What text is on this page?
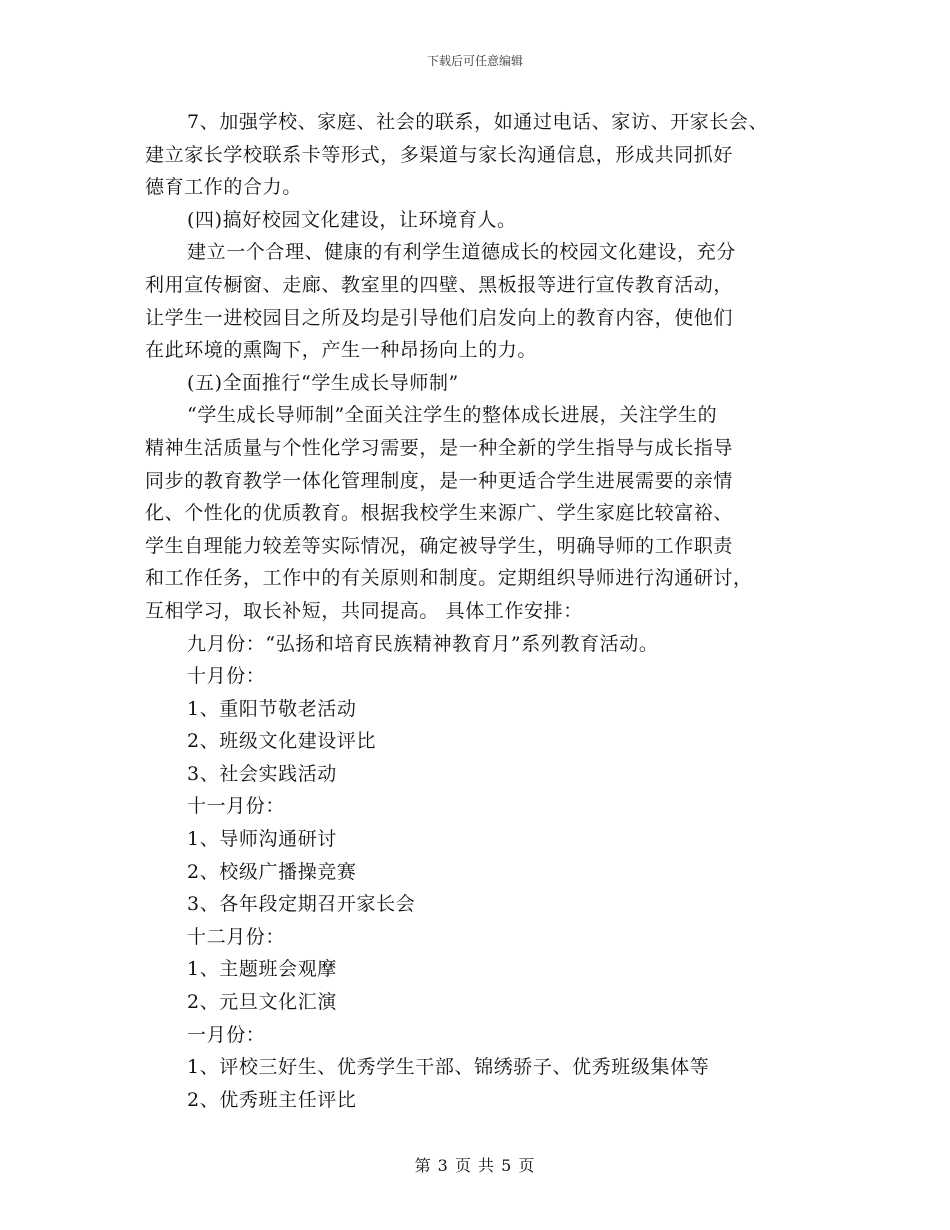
下载后可任意编辑
7、加强学校、家庭、社会的联系，如通过电话、家访、开家长会、
建立家长学校联系卡等形式，多渠道与家长沟通信息，形成共同抓好
德育工作的合力。
(四)搞好校园文化建设，让环境育人。
建立一个合理、健康的有利学生道德成长的校园文化建设，充分
利用宣传橱窗、走廊、教室里的四壁、黑板报等进行宣传教育活动，
让学生一进校园目之所及均是引导他们启发向上的教育内容，使他们
在此环境的熏陶下，产生一种昂扬向上的力。
(五)全面推行“学生成长导师制”
“学生成长导师制”全面关注学生的整体成长进展，关注学生的
精神生活质量与个性化学习需要，是一种全新的学生指导与成长指导
同步的教育教学一体化管理制度，是一种更适合学生进展需要的亲情
化、个性化的优质教育。根据我校学生来源广、学生家庭比较富裕、
学生自理能力较差等实际情况，确定被导学生，明确导师的工作职责
和工作任务，工作中的有关原则和制度。定期组织导师进行沟通研讨，
互相学习，取长补短，共同提高。 具体工作安排：
九月份：“弘扬和培育民族精神教育月”系列教育活动。
十月份：
1、重阳节敬老活动
2、班级文化建设评比
3、社会实践活动
十一月份：
1、导师沟通研讨
2、校级广播操竞赛
3、各年段定期召开家长会
十二月份：
1、主题班会观摩
2、元旦文化汇演
一月份：
1、评校三好生、优秀学生干部、锦绣骄子、优秀班级集体等
2、优秀班主任评比
第 3 页 共 5 页
